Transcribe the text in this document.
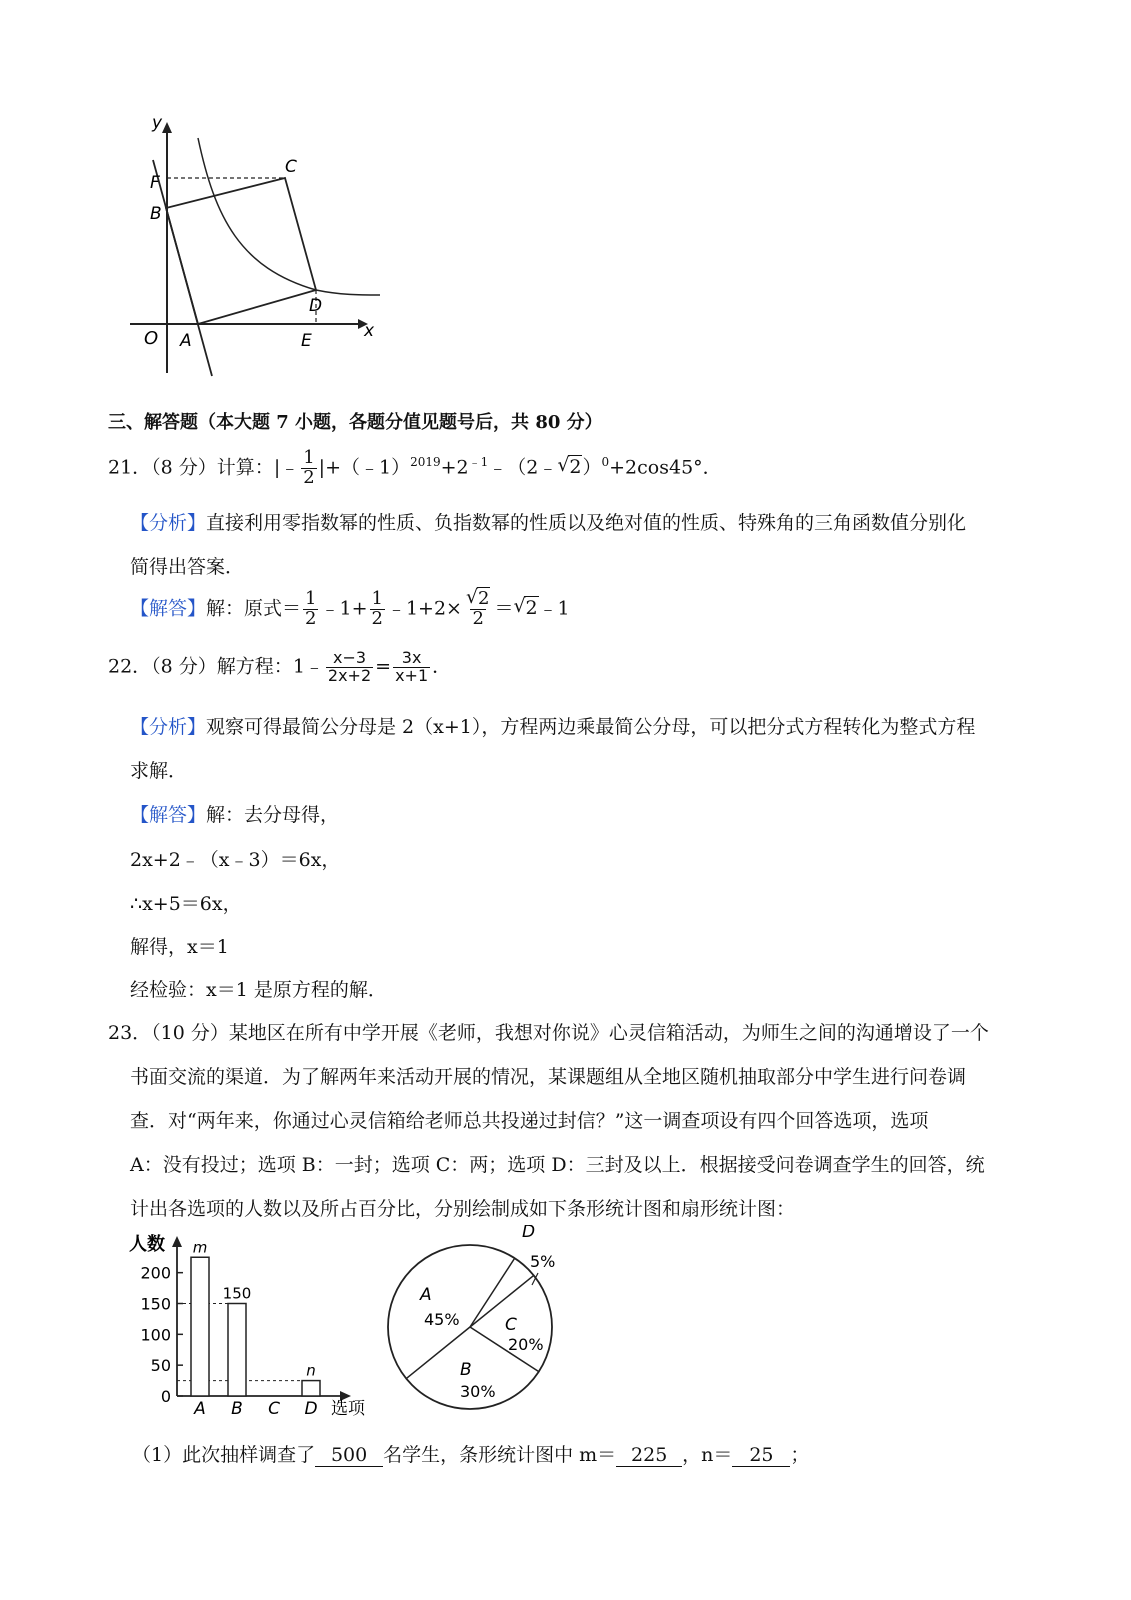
y
x
O A
B
C
D
E
F
三、解答题（本大题 7 小题，各题分值见题号后，共 80 分）
21．（8 分）计算：|﹣ $\frac{1}{2}$ $|+(﹣1)^{2019}+2^{﹣1}﹣(2﹣$ √ 2）$^0$+2cos45°．
【分析】直接利用零指数幂的性质、负指数幂的性质以及绝对值的性质、特殊角的三角函数值分别化
简得出答案．
【解答】解：原式＝ $\frac{1}{2}$ ﹣1+ $\frac{1}{2}$ ﹣1+2× $\frac{√ 2}{2}$ ＝ √ 2﹣1
22．（8 分）解方程：1﹣ $\frac{x-3}{2x+2} = \frac{3x}{x+1}$ ．
【分析】观察可得最简公分母是 2（x+1），方程两边乘最简公分母，可以把分式方程转化为整式方程
求解．
【解答】解：去分母得，
2x+2﹣（x﹣3）＝6x，
∴x+5＝6x，
解得，x＝1
经检验：x＝1 是原方程的解．
23．（10 分）某地区在所有中学开展《老师，我想对你说》心灵信箱活动，为师生之间的沟通增设了一个
书面交流的渠道．为了解两年来活动开展的情况，某课题组从全地区随机抽取部分中学生进行问卷调
查．对“两年来，你通过心灵信箱给老师总共投递过封信？”这一调查项设有四个回答选项，选项
A：没有投过；选项 B：一封；选项 C：两；选项 D：三封及以上．根据接受问卷调查学生的回答，统
计出各选项的人数以及所占百分比，分别绘制成如下条形统计图和扇形统计图：
人数
选项
0
50
100
150
200
m
A
150
B C
n
D
A
45%
B
30%
C
20%
D
5%
（1）此次抽样调查了 500 名学生，条形统计图中 m＝ 225 ，n＝ 25 ；
